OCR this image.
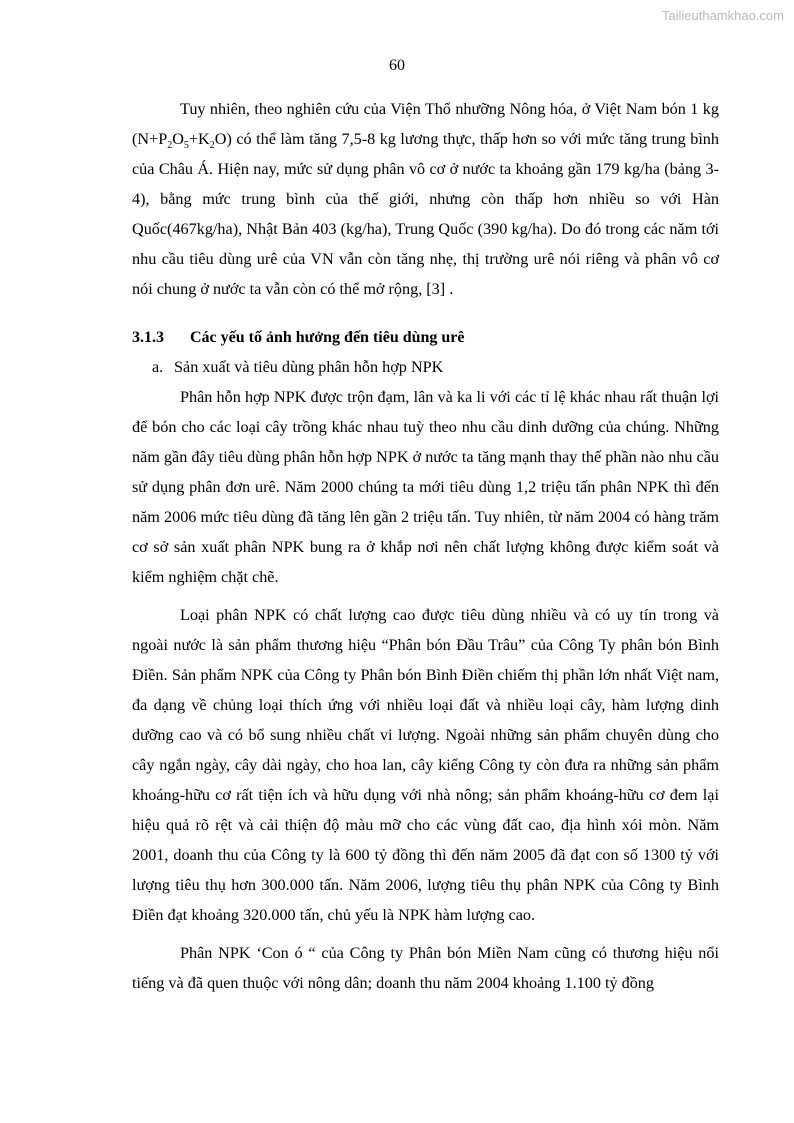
Tailieuthamkhao.com
60

Tuy nhiên, theo nghiên cứu của Viện Thổ nhưỡng Nông hóa, ở Việt Nam bón 1 kg $(N+P_2O_5+K_2O)$ có thể làm tăng 7,5-8 kg lương thực, thấp hơn so với mức tăng trung bình của Châu Á. Hiện nay, mức sử dụng phân vô cơ ở nước ta khoảng gần 179 kg/ha (bảng 3-4), bằng mức trung bình của thế giới, nhưng còn thấp hơn nhiều so với Hàn Quốc(467kg/ha), Nhật Bản 403 (kg/ha), Trung Quốc (390 kg/ha). Do đó trong các năm tới nhu cầu tiêu dùng urê của VN vẫn còn tăng nhẹ, thị trường urê nói riêng và phân vô cơ nói chung ở nước ta vẫn còn có thể mở rộng, [3] .

3.1.3	Các yếu tố ảnh hưởng đến tiêu dùng urê

a. Sản xuất và tiêu dùng phân hỗn hợp NPK

Phân hỗn hợp NPK được trộn đạm, lân và ka li với các tỉ lệ khác nhau rất thuận lợi để bón cho các loại cây trồng khác nhau tuỳ theo nhu cầu dinh dưỡng của chúng. Những năm gần đây tiêu dùng phân hỗn hợp NPK ở nước ta tăng mạnh thay thế phần nào nhu cầu sử dụng phân đơn urê. Năm 2000 chúng ta mới tiêu dùng 1,2 triệu tấn phân NPK thì đến năm 2006 mức tiêu dùng đã tăng lên gần 2 triệu tấn. Tuy nhiên, từ năm 2004 có hàng trăm cơ sở sản xuất phân NPK bung ra ở khắp nơi nên chất lượng không được kiểm soát và kiểm nghiệm chặt chẽ.

Loại phân NPK có chất lượng cao được tiêu dùng nhiều và có uy tín trong và ngoài nước là sản phẩm thương hiệu “Phân bón Đầu Trâu” của Công Ty phân bón Bình Điền. Sản phẩm NPK của Công ty Phân bón Bình Điền chiếm thị phần lớn nhất Việt nam, đa dạng về chủng loại thích ứng với nhiều loại đất và nhiều loại cây, hàm lượng dinh dưỡng cao và có bổ sung nhiều chất vi lượng. Ngoài những sản phẩm chuyên dùng cho cây ngắn ngày, cây dài ngày, cho hoa lan, cây kiểng Công ty còn đưa ra những sản phẩm khoáng-hữu cơ rất tiện ích và hữu dụng với nhà nông; sản phẩm khoáng-hữu cơ đem lại hiệu quả rõ rệt và cải thiện độ màu mỡ cho các vùng đất cao, địa hình xói mòn. Năm 2001, doanh thu của Công ty là 600 tỷ đồng thì đến năm 2005 đã đạt con số 1300 tỷ với lượng tiêu thụ hơn 300.000 tấn. Năm 2006, lượng tiêu thụ phân NPK của Công ty Bình Điền đạt khoảng 320.000 tấn, chủ yếu là NPK hàm lượng cao.

Phân NPK ‘Con ó “ của Công ty Phân bón Miền Nam cũng có thương hiệu nổi tiếng và đã quen thuộc với nông dân; doanh thu năm 2004 khoảng 1.100 tỷ đồng
